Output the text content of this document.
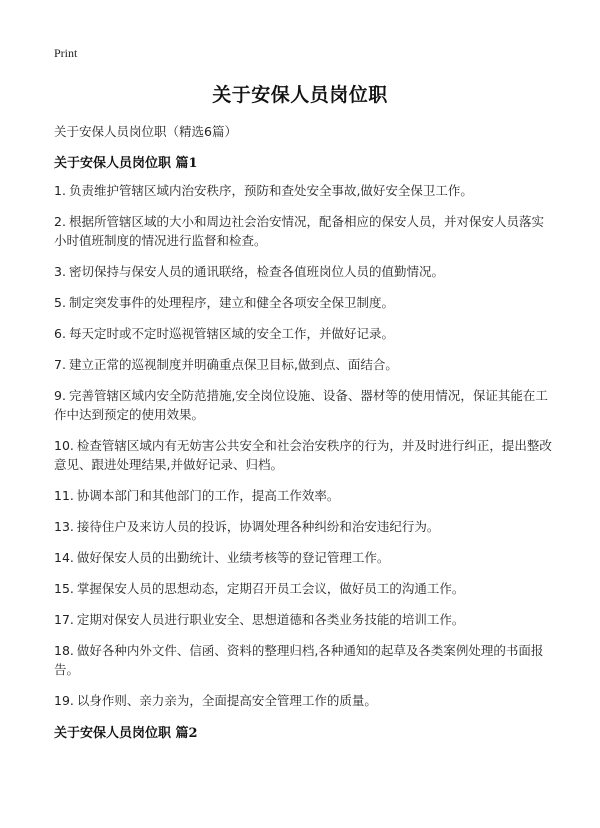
Print
关于安保人员岗位职
关于安保人员岗位职（精选6篇）
关于安保人员岗位职 篇1
1. 负责维护管辖区域内治安秩序，预防和查处安全事故,做好安全保卫工作。
2. 根据所管辖区域的大小和周边社会治安情况，配备相应的保安人员，并对保安人员落实小时值班制度的情况进行监督和检查。
3. 密切保持与保安人员的通讯联络，检查各值班岗位人员的值勤情况。
5. 制定突发事件的处理程序，建立和健全各项安全保卫制度。
6. 每天定时或不定时巡视管辖区域的安全工作，并做好记录。
7. 建立正常的巡视制度并明确重点保卫目标,做到点、面结合。
9. 完善管辖区域内安全防范措施,安全岗位设施、设备、器材等的使用情况，保证其能在工作中达到预定的使用效果。
10. 检查管辖区域内有无妨害公共安全和社会治安秩序的行为，并及时进行纠正，提出整改意见、跟进处理结果,并做好记录、归档。
11. 协调本部门和其他部门的工作，提高工作效率。
13. 接待住户及来访人员的投诉，协调处理各种纠纷和治安违纪行为。
14. 做好保安人员的出勤统计、业绩考核等的登记管理工作。
15. 掌握保安人员的思想动态，定期召开员工会议，做好员工的沟通工作。
17. 定期对保安人员进行职业安全、思想道德和各类业务技能的培训工作。
18. 做好各种内外文件、信函、资料的整理归档,各种通知的起草及各类案例处理的书面报告。
19. 以身作则、亲力亲为，全面提高安全管理工作的质量。
关于安保人员岗位职 篇2
